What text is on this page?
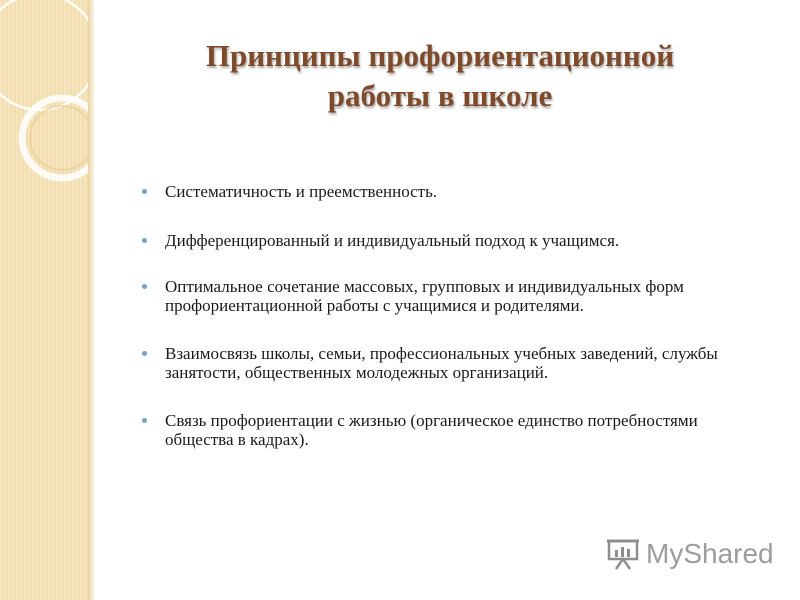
Принципы профориентационной
работы в школе
Систематичность и преемственность.
Дифференцированный и индивидуальный подход к учащимся.
Оптимальное сочетание массовых, групповых и индивидуальных форм профориентационной работы с учащимися и родителями.
Взаимосвязь школы, семьи, профессиональных учебных заведений, службы занятости, общественных молодежных организаций.
Связь профориентации с жизнью (органическое единство потребностями общества в кадрах).
MyShared
